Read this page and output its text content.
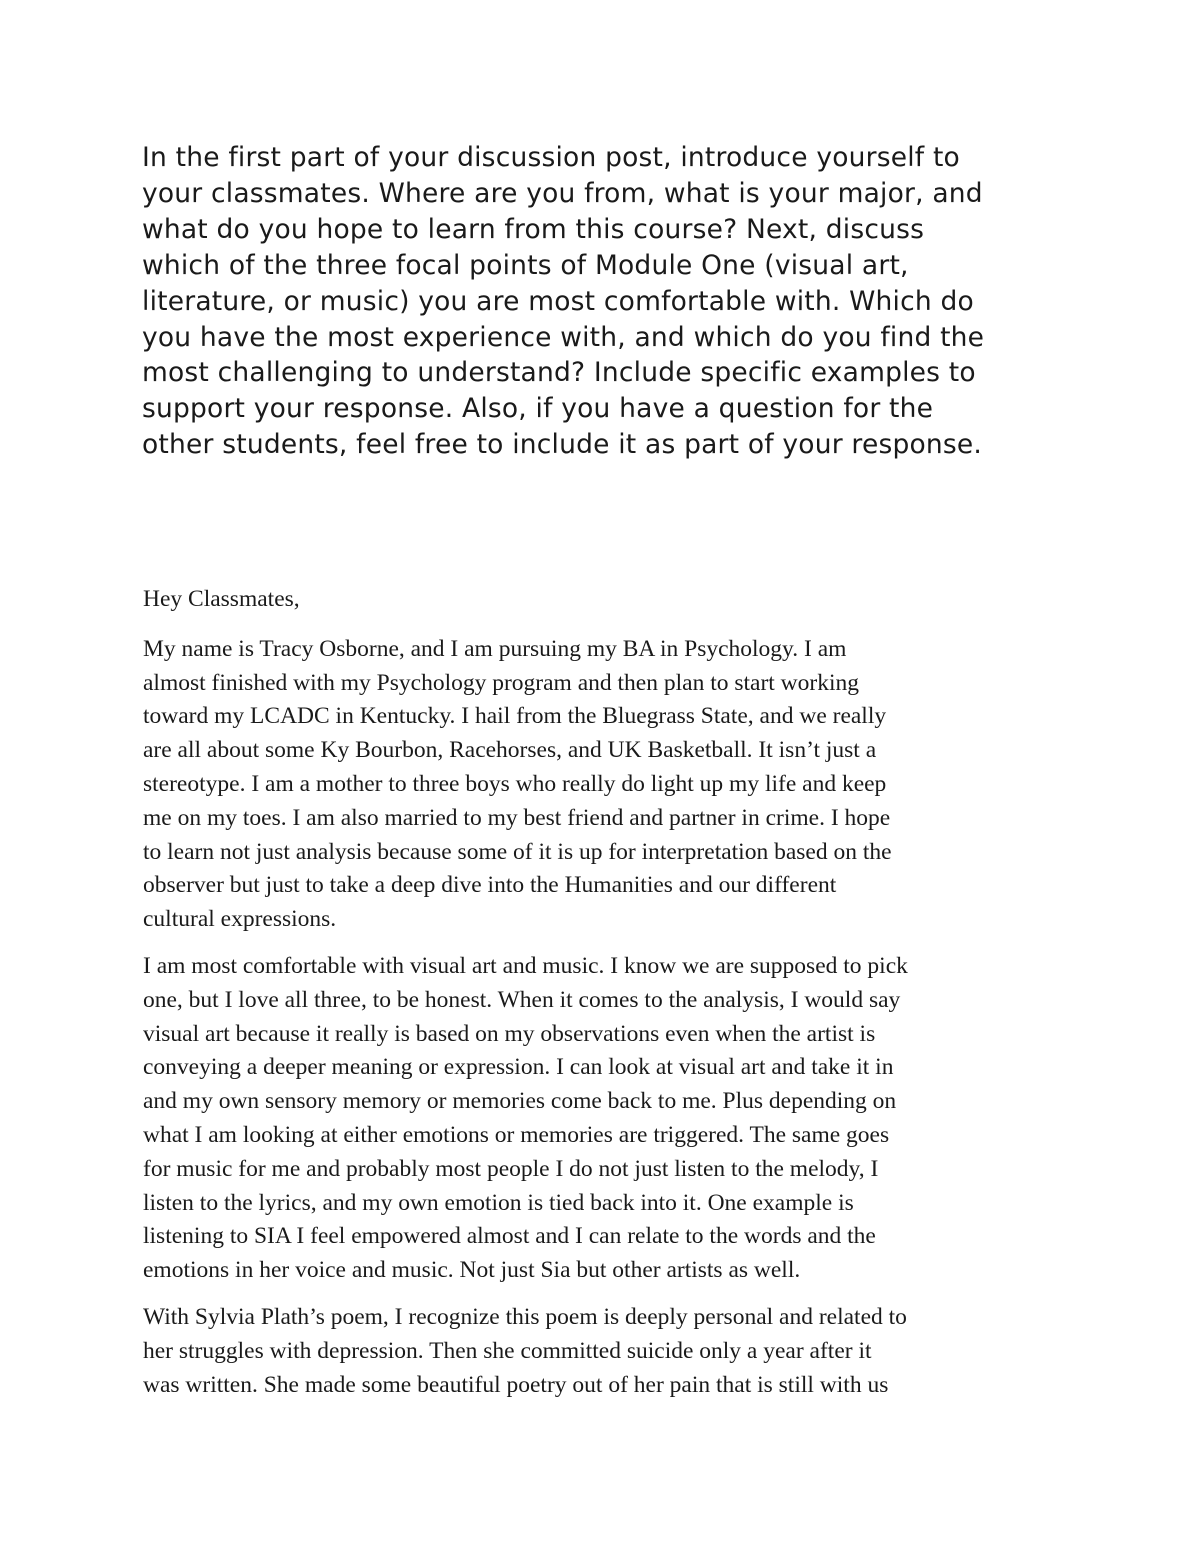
In the first part of your discussion post, introduce yourself to
your classmates. Where are you from, what is your major, and
what do you hope to learn from this course? Next, discuss
which of the three focal points of Module One (visual art,
literature, or music) you are most comfortable with. Which do
you have the most experience with, and which do you find the
most challenging to understand? Include specific examples to
support your response. Also, if you have a question for the
other students, feel free to include it as part of your response.

Hey Classmates,

My name is Tracy Osborne, and I am pursuing my BA in Psychology. I am
almost finished with my Psychology program and then plan to start working
toward my LCADC in Kentucky. I hail from the Bluegrass State, and we really
are all about some Ky Bourbon, Racehorses, and UK Basketball. It isn’t just a
stereotype. I am a mother to three boys who really do light up my life and keep
me on my toes. I am also married to my best friend and partner in crime. I hope
to learn not just analysis because some of it is up for interpretation based on the
observer but just to take a deep dive into the Humanities and our different
cultural expressions.

I am most comfortable with visual art and music. I know we are supposed to pick
one, but I love all three, to be honest. When it comes to the analysis, I would say
visual art because it really is based on my observations even when the artist is
conveying a deeper meaning or expression. I can look at visual art and take it in
and my own sensory memory or memories come back to me. Plus depending on
what I am looking at either emotions or memories are triggered. The same goes
for music for me and probably most people I do not just listen to the melody, I
listen to the lyrics, and my own emotion is tied back into it. One example is
listening to SIA I feel empowered almost and I can relate to the words and the
emotions in her voice and music. Not just Sia but other artists as well.

With Sylvia Plath’s poem, I recognize this poem is deeply personal and related to
her struggles with depression. Then she committed suicide only a year after it
was written. She made some beautiful poetry out of her pain that is still with us
